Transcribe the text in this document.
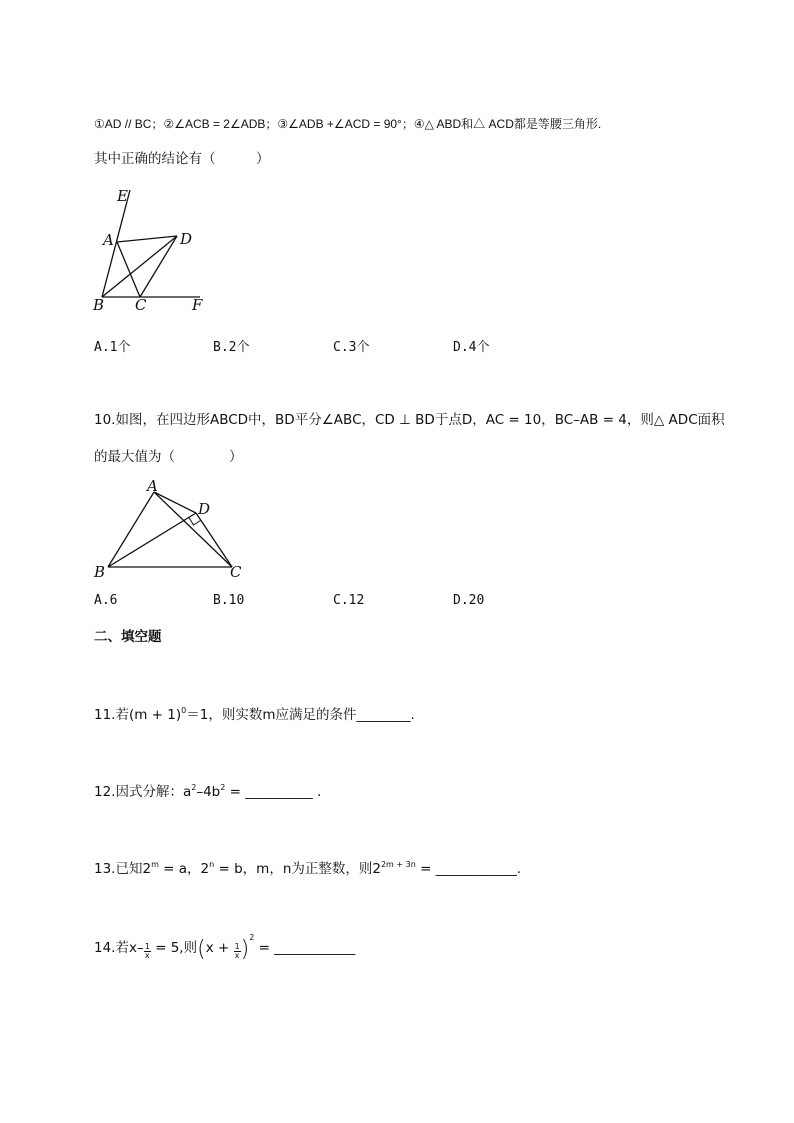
①AD // BC；②∠ACB = 2∠ADB；③∠ADB +∠ACD = 90°；④△ ABD和△ ACD都是等腰三角形.
其中正确的结论有（　　　）
E
A	D
B C	F
A.1个	B.2个	C.3个	D.4个
10.如图，在四边形ABCD中，BD平分∠ABC，CD ⊥ BD于点D，AC = 10，BC–AB = 4，则△ ADC面积
的最大值为（　　　　）
A
D
B	C
A.6	B.10	C.12	D.20
二、填空题
11.若$(m + 1)^0=1$，则实数m应满足的条件________.
12.因式分解：$a^2-4b^2$ = __________ .
13.已知$2^m = a$，$2^n = b$，m，n为正整数，则$2^{2m + 3n}$ = ____________.
14.若$x- \frac{1}{x} = 5$,则$(x + \frac{1}{x} )^2$ = ____________
